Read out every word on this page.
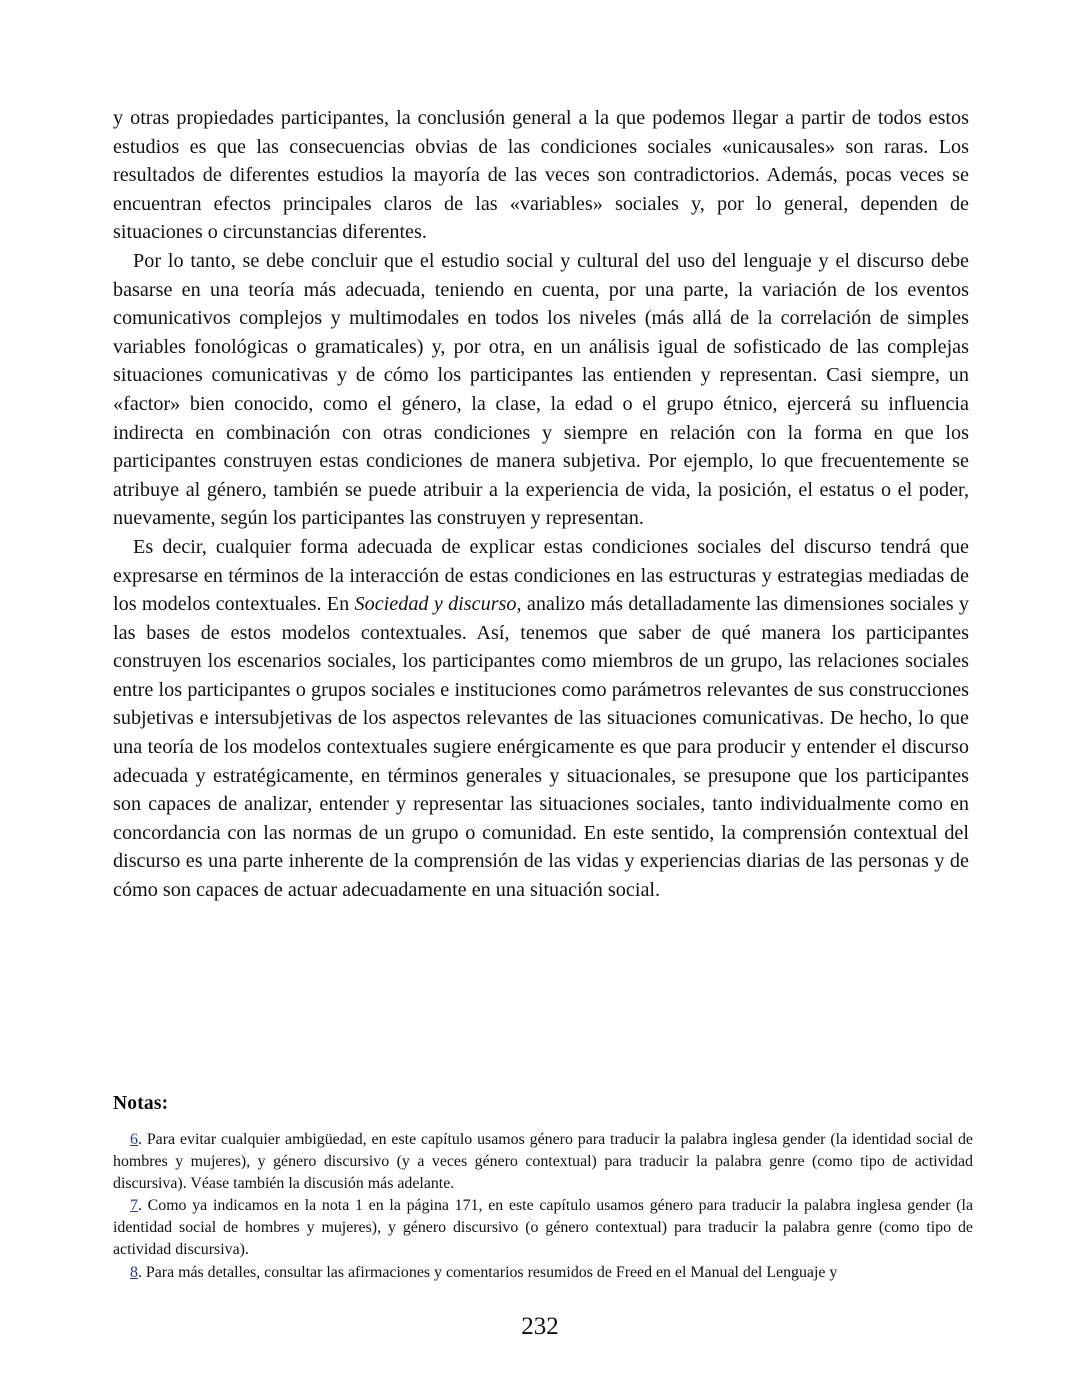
y otras propiedades participantes, la conclusión general a la que podemos llegar a partir de todos estos estudios es que las consecuencias obvias de las condiciones sociales «unicausales» son raras. Los resultados de diferentes estudios la mayoría de las veces son contradictorios. Además, pocas veces se encuentran efectos principales claros de las «variables» sociales y, por lo general, dependen de situaciones o circunstancias diferentes.

Por lo tanto, se debe concluir que el estudio social y cultural del uso del lenguaje y el discurso debe basarse en una teoría más adecuada, teniendo en cuenta, por una parte, la variación de los eventos comunicativos complejos y multimodales en todos los niveles (más allá de la correlación de simples variables fonológicas o gramaticales) y, por otra, en un análisis igual de sofisticado de las complejas situaciones comunicativas y de cómo los participantes las entienden y representan. Casi siempre, un «factor» bien conocido, como el género, la clase, la edad o el grupo étnico, ejercerá su influencia indirecta en combinación con otras condiciones y siempre en relación con la forma en que los participantes construyen estas condiciones de manera subjetiva. Por ejemplo, lo que frecuentemente se atribuye al género, también se puede atribuir a la experiencia de vida, la posición, el estatus o el poder, nuevamente, según los participantes las construyen y representan.

Es decir, cualquier forma adecuada de explicar estas condiciones sociales del discurso tendrá que expresarse en términos de la interacción de estas condiciones en las estructuras y estrategias mediadas de los modelos contextuales. En Sociedad y discurso, analizo más detalladamente las dimensiones sociales y las bases de estos modelos contextuales. Así, tenemos que saber de qué manera los participantes construyen los escenarios sociales, los participantes como miembros de un grupo, las relaciones sociales entre los participantes o grupos sociales e instituciones como parámetros relevantes de sus construcciones subjetivas e intersubjetivas de los aspectos relevantes de las situaciones comunicativas. De hecho, lo que una teoría de los modelos contextuales sugiere enérgicamente es que para producir y entender el discurso adecuada y estratégicamente, en términos generales y situacionales, se presupone que los participantes son capaces de analizar, entender y representar las situaciones sociales, tanto individualmente como en concordancia con las normas de un grupo o comunidad. En este sentido, la comprensión contextual del discurso es una parte inherente de la comprensión de las vidas y experiencias diarias de las personas y de cómo son capaces de actuar adecuadamente en una situación social.

Notas:

6. Para evitar cualquier ambigüedad, en este capítulo usamos género para traducir la palabra inglesa gender (la identidad social de hombres y mujeres), y género discursivo (y a veces género contextual) para traducir la palabra genre (como tipo de actividad discursiva). Véase también la discusión más adelante.

7. Como ya indicamos en la nota 1 en la página 171, en este capítulo usamos género para traducir la palabra inglesa gender (la identidad social de hombres y mujeres), y género discursivo (o género contextual) para traducir la palabra genre (como tipo de actividad discursiva).

8. Para más detalles, consultar las afirmaciones y comentarios resumidos de Freed en el Manual del Lenguaje y

232
